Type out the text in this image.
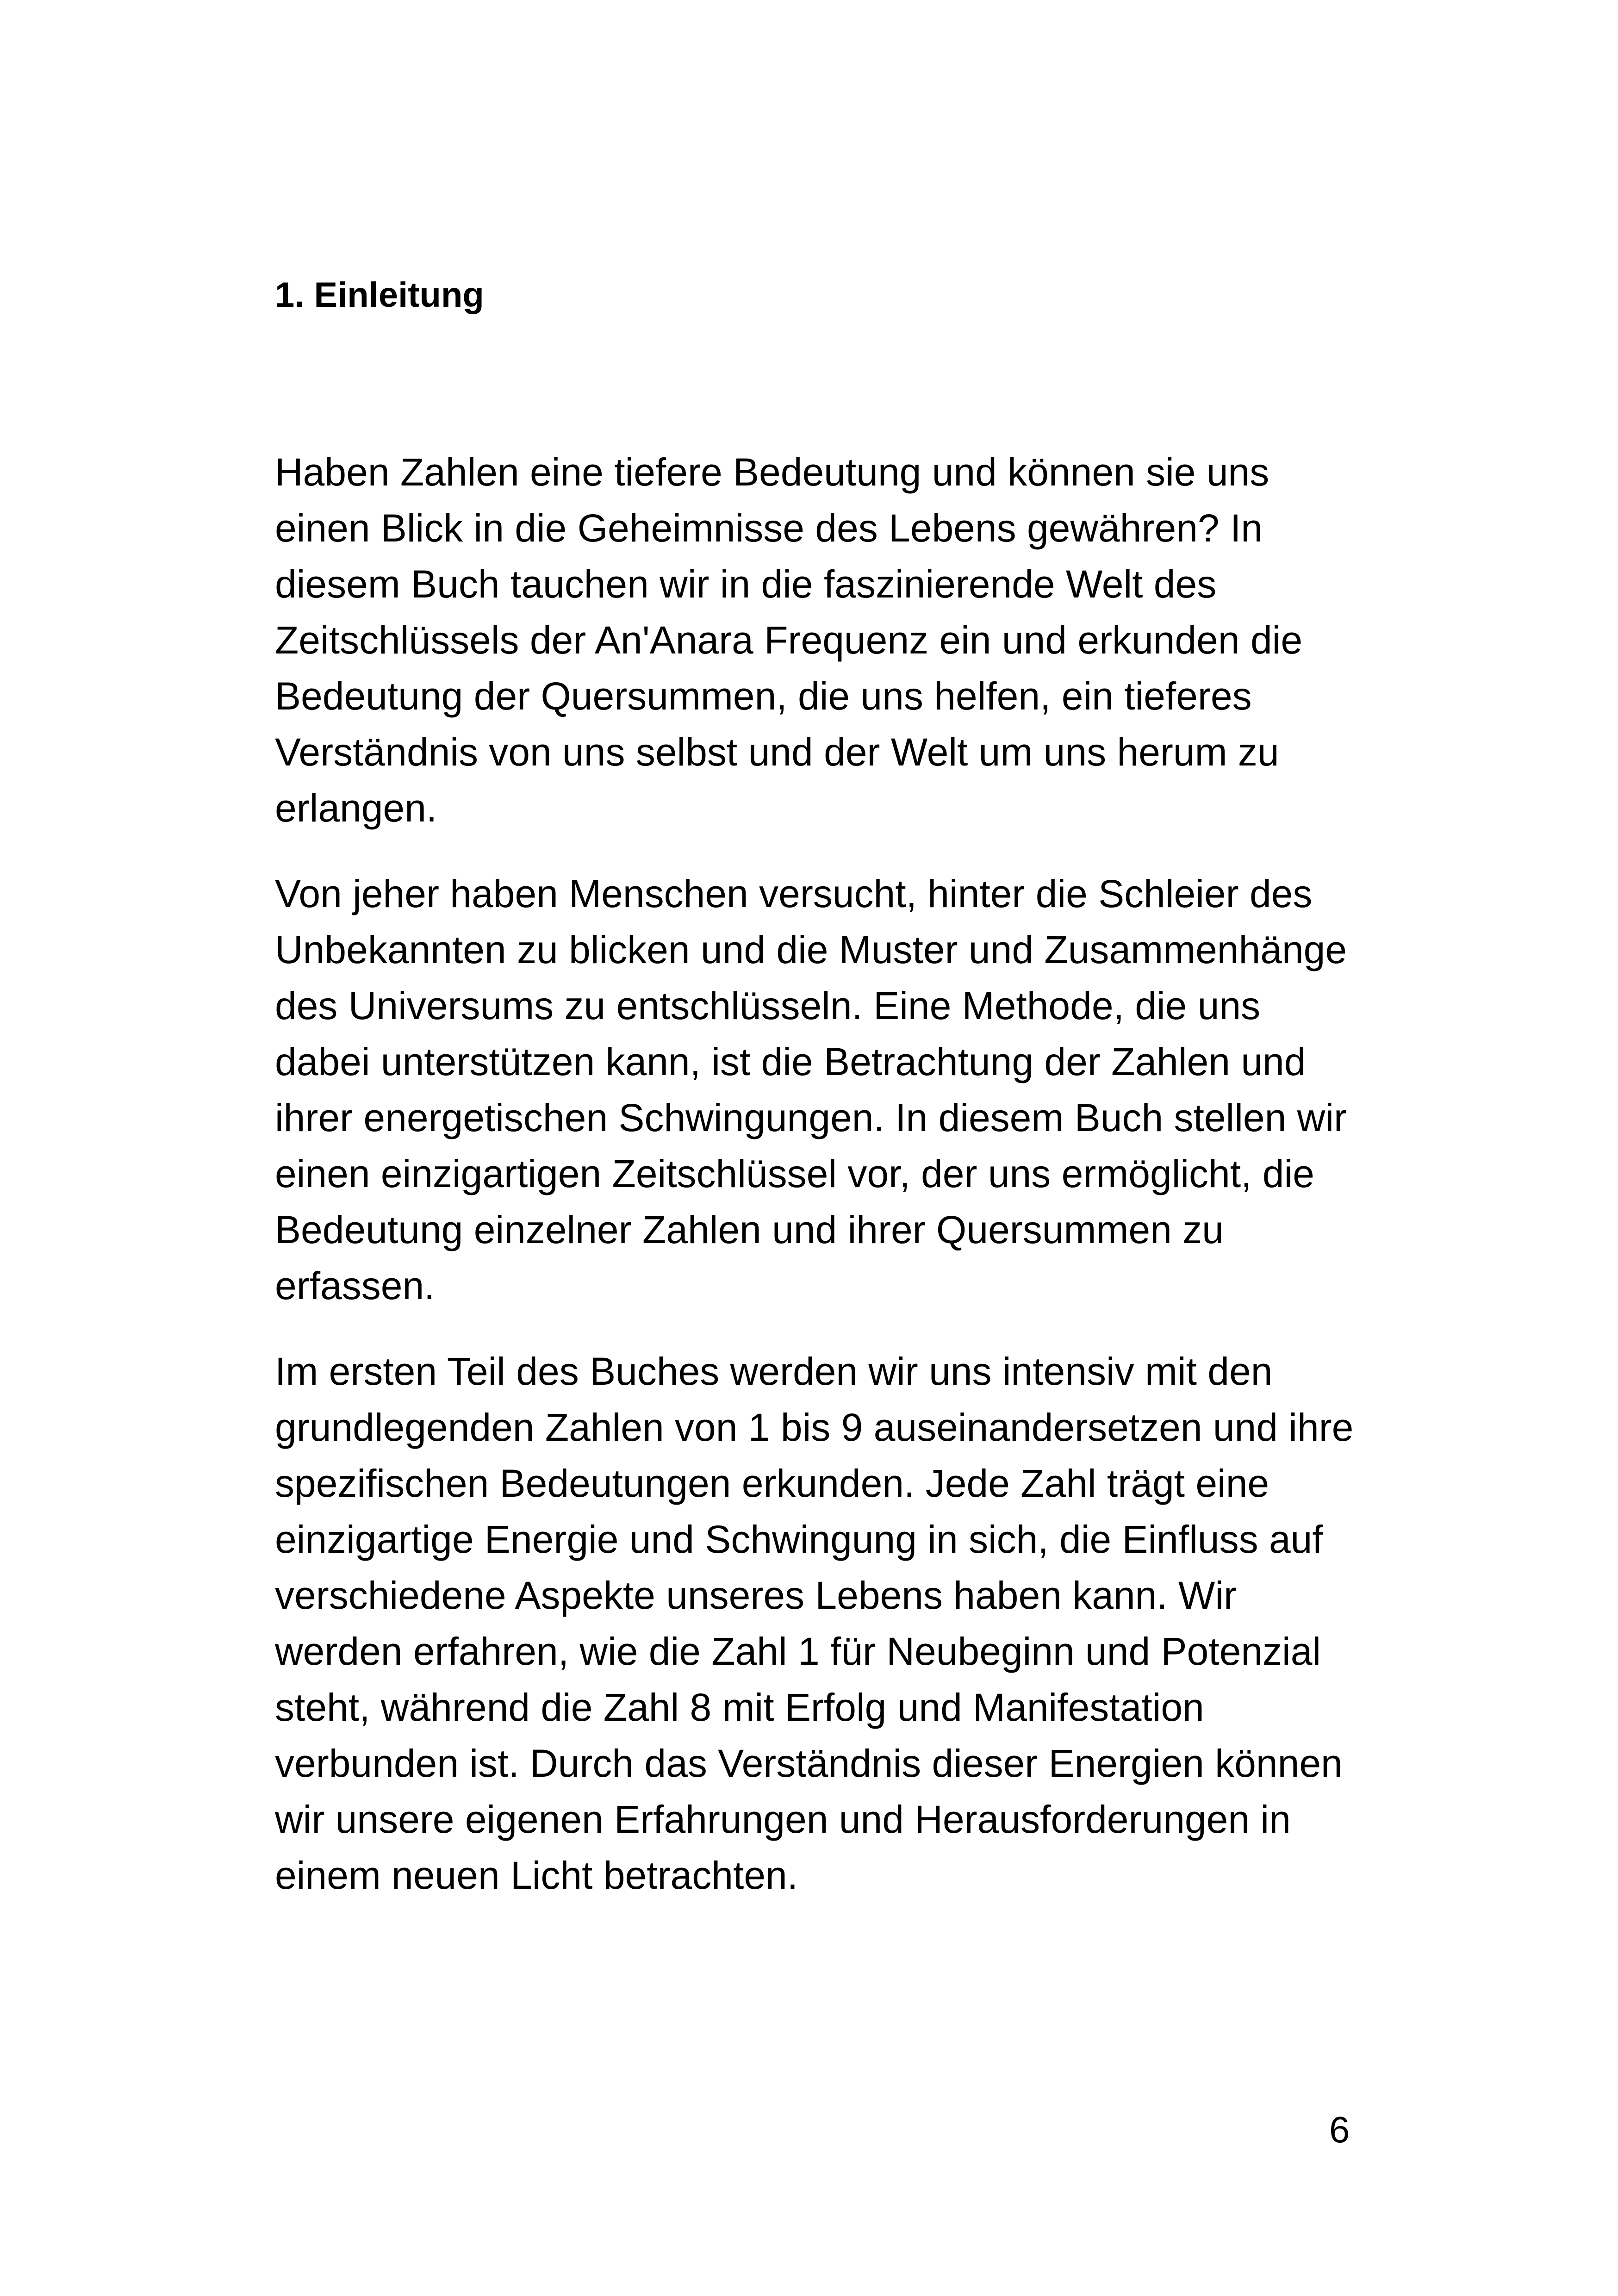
1. Einleitung

Haben Zahlen eine tiefere Bedeutung und können sie uns einen Blick in die Geheimnisse des Lebens gewähren? In diesem Buch tauchen wir in die faszinierende Welt des Zeitschlüssels der An'Anara Frequenz ein und erkunden die Bedeutung der Quersummen, die uns helfen, ein tieferes Verständnis von uns selbst und der Welt um uns herum zu erlangen.

Von jeher haben Menschen versucht, hinter die Schleier des Unbekannten zu blicken und die Muster und Zusammenhänge des Universums zu entschlüsseln. Eine Methode, die uns dabei unterstützen kann, ist die Betrachtung der Zahlen und ihrer energetischen Schwingungen. In diesem Buch stellen wir einen einzigartigen Zeitschlüssel vor, der uns ermöglicht, die Bedeutung einzelner Zahlen und ihrer Quersummen zu erfassen.

Im ersten Teil des Buches werden wir uns intensiv mit den grundlegenden Zahlen von 1 bis 9 auseinandersetzen und ihre spezifischen Bedeutungen erkunden. Jede Zahl trägt eine einzigartige Energie und Schwingung in sich, die Einfluss auf verschiedene Aspekte unseres Lebens haben kann. Wir werden erfahren, wie die Zahl 1 für Neubeginn und Potenzial steht, während die Zahl 8 mit Erfolg und Manifestation verbunden ist. Durch das Verständnis dieser Energien können wir unsere eigenen Erfahrungen und Herausforderungen in einem neuen Licht betrachten.

6
